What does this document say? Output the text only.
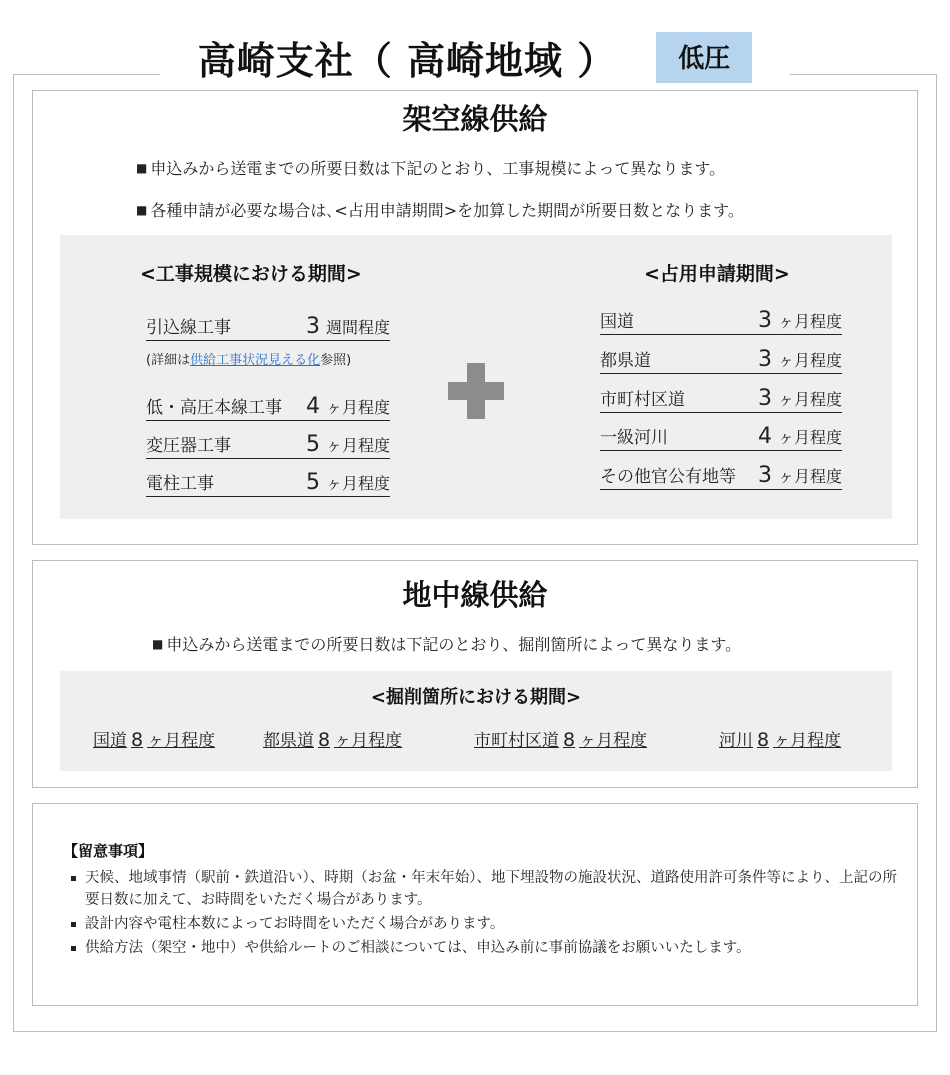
高崎支社（ 高崎地域 ）	低圧
架空線供給
■ 申込みから送電までの所要日数は下記のとおり、工事規模によって異なります。
■ 各種申請が必要な場合は､<占用申請期間>を加算した期間が所要日数となります。
<工事規模における期間>
引込線工事	3 週間程度
(詳細は供給工事状況見える化参照)
低・高圧本線工事 4 ヶ月程度
変圧器工事	5 ヶ月程度
電柱工事	5 ヶ月程度
<占用申請期間>
国道	3 ヶ月程度
都県道	3 ヶ月程度
市町村区道	3 ヶ月程度
一級河川	4 ヶ月程度
その他官公有地等 3 ヶ月程度
地中線供給
■ 申込みから送電までの所要日数は下記のとおり、掘削箇所によって異なります。
<掘削箇所における期間>
国道 8 ヶ月程度	都県道 8 ヶ月程度	市町村区道 8 ヶ月程度	河川 8 ヶ月程度
【留意事項】
天候、地域事情（駅前・鉄道沿い）、時期（お盆・年末年始）、地下埋設物の施設状況、道路使用許可条件等により、上記の所要日数に加えて、お時間をいただく場合があります。
設計内容や電柱本数によってお時間をいただく場合があります。
供給方法（架空・地中）や供給ルートのご相談については、申込み前に事前協議をお願いいたします。
